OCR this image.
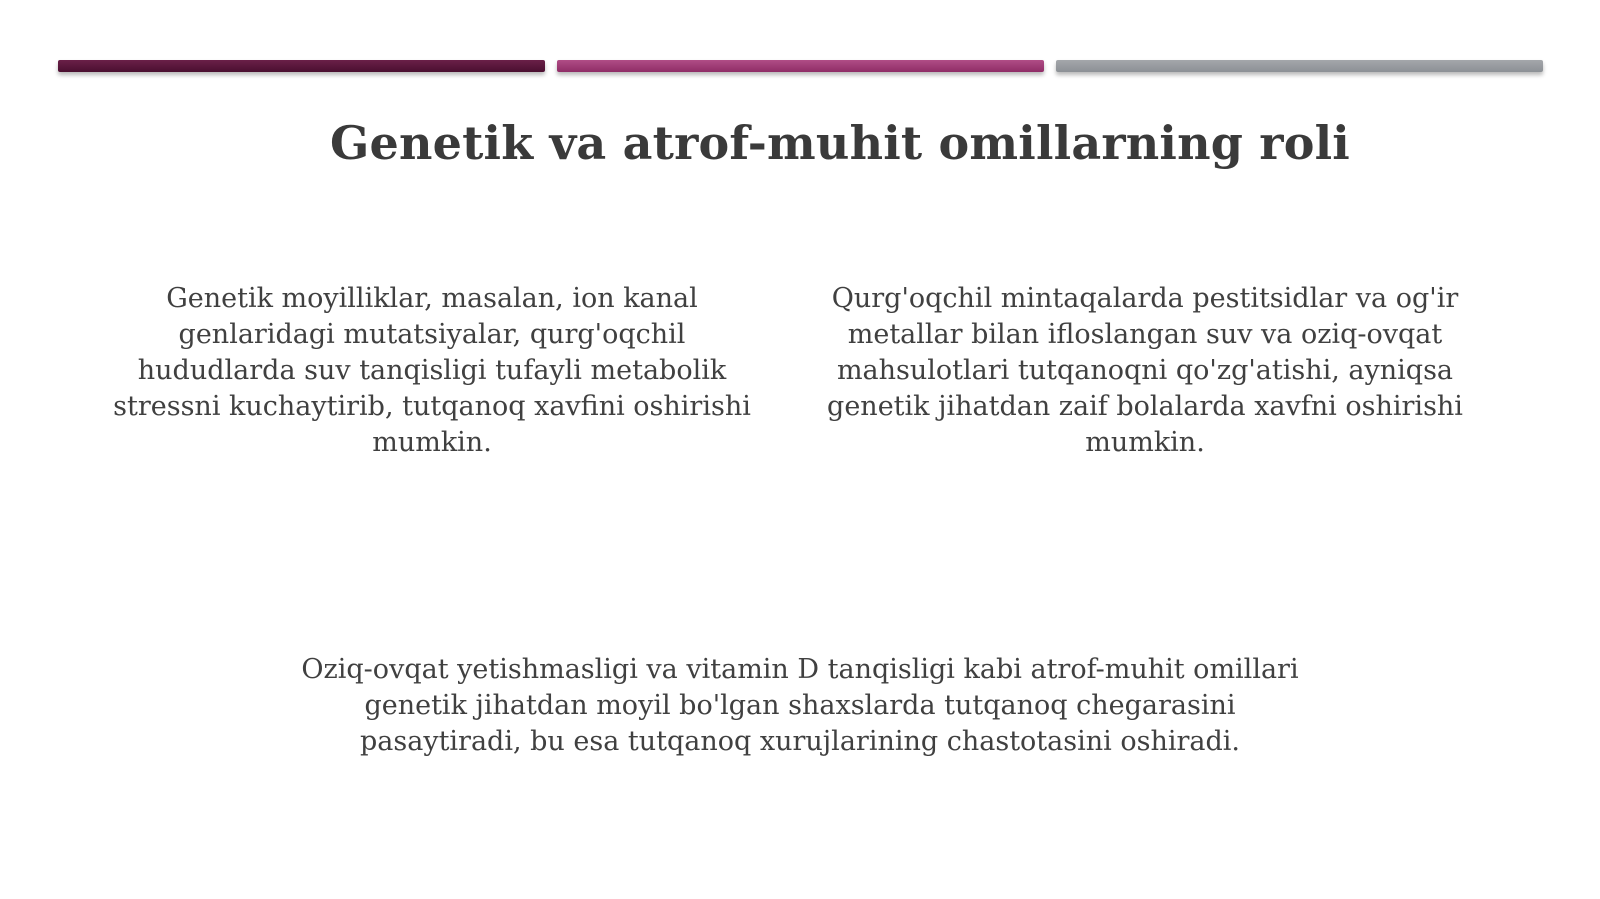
Genetik va atrof-muhit omillarning roli

Genetik moyilliklar, masalan, ion kanal genlaridagi mutatsiyalar, qurg'oqchil hududlarda suv tanqisligi tufayli metabolik stressni kuchaytirib, tutqanoq xavfini oshirishi mumkin.

Qurg'oqchil mintaqalarda pestitsidlar va og'ir metallar bilan ifloslangan suv va oziq-ovqat mahsulotlari tutqanoqni qo'zg'atishi, ayniqsa genetik jihatdan zaif bolalarda xavfni oshirishi mumkin.

Oziq-ovqat yetishmasligi va vitamin D tanqisligi kabi atrof-muhit omillari genetik jihatdan moyil bo'lgan shaxslarda tutqanoq chegarasini pasaytiradi, bu esa tutqanoq xurujlarining chastotasini oshiradi.
